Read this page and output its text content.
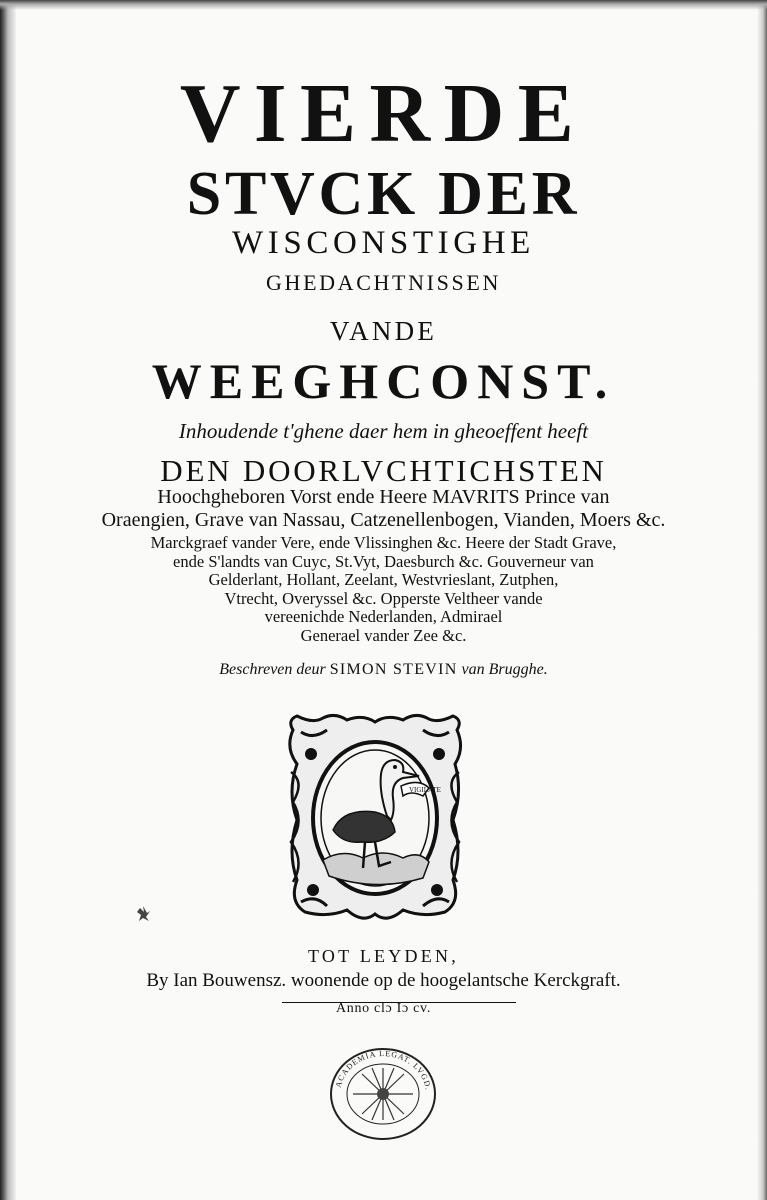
VIERDE
STVCK DER
WISCONSTIGHE
GHEDACHTNISSEN
VANDE
WEEGHCONST.
Inhoudende t'ghene daer hem in gheoeffent heeft
DEN DOORLVCHTICHSTEN
Hoochgheboren Vorst ende Heere MAVRITS Prince van
Oraengien, Grave van Nassau, Catzenellenbogen, Vianden, Moers &c.
Marckgraef vander Vere, ende Vlissinghen &c. Heere der Stadt Grave,
ende S'landts van Cuyc, St.Vyt, Daesburch &c. Gouverneur van
Gelderlant, Hollant, Zeelant, Westvrieslant, Zutphen,
Vtrecht, Overyssel &c. Opperste Veltheer vande
vereenichde Nederlanden, Admirael
Generael vander Zee &c.
Beschreven deur SIMON STEVIN van Brugghe.
VIGILATE
TOT LEYDEN,
By Ian Bouwensz. woonende op de hoogelantsche Kerckgraft.
Anno clɔ Iɔ cv.
ACADEMIA LEGAT. LVGD.
